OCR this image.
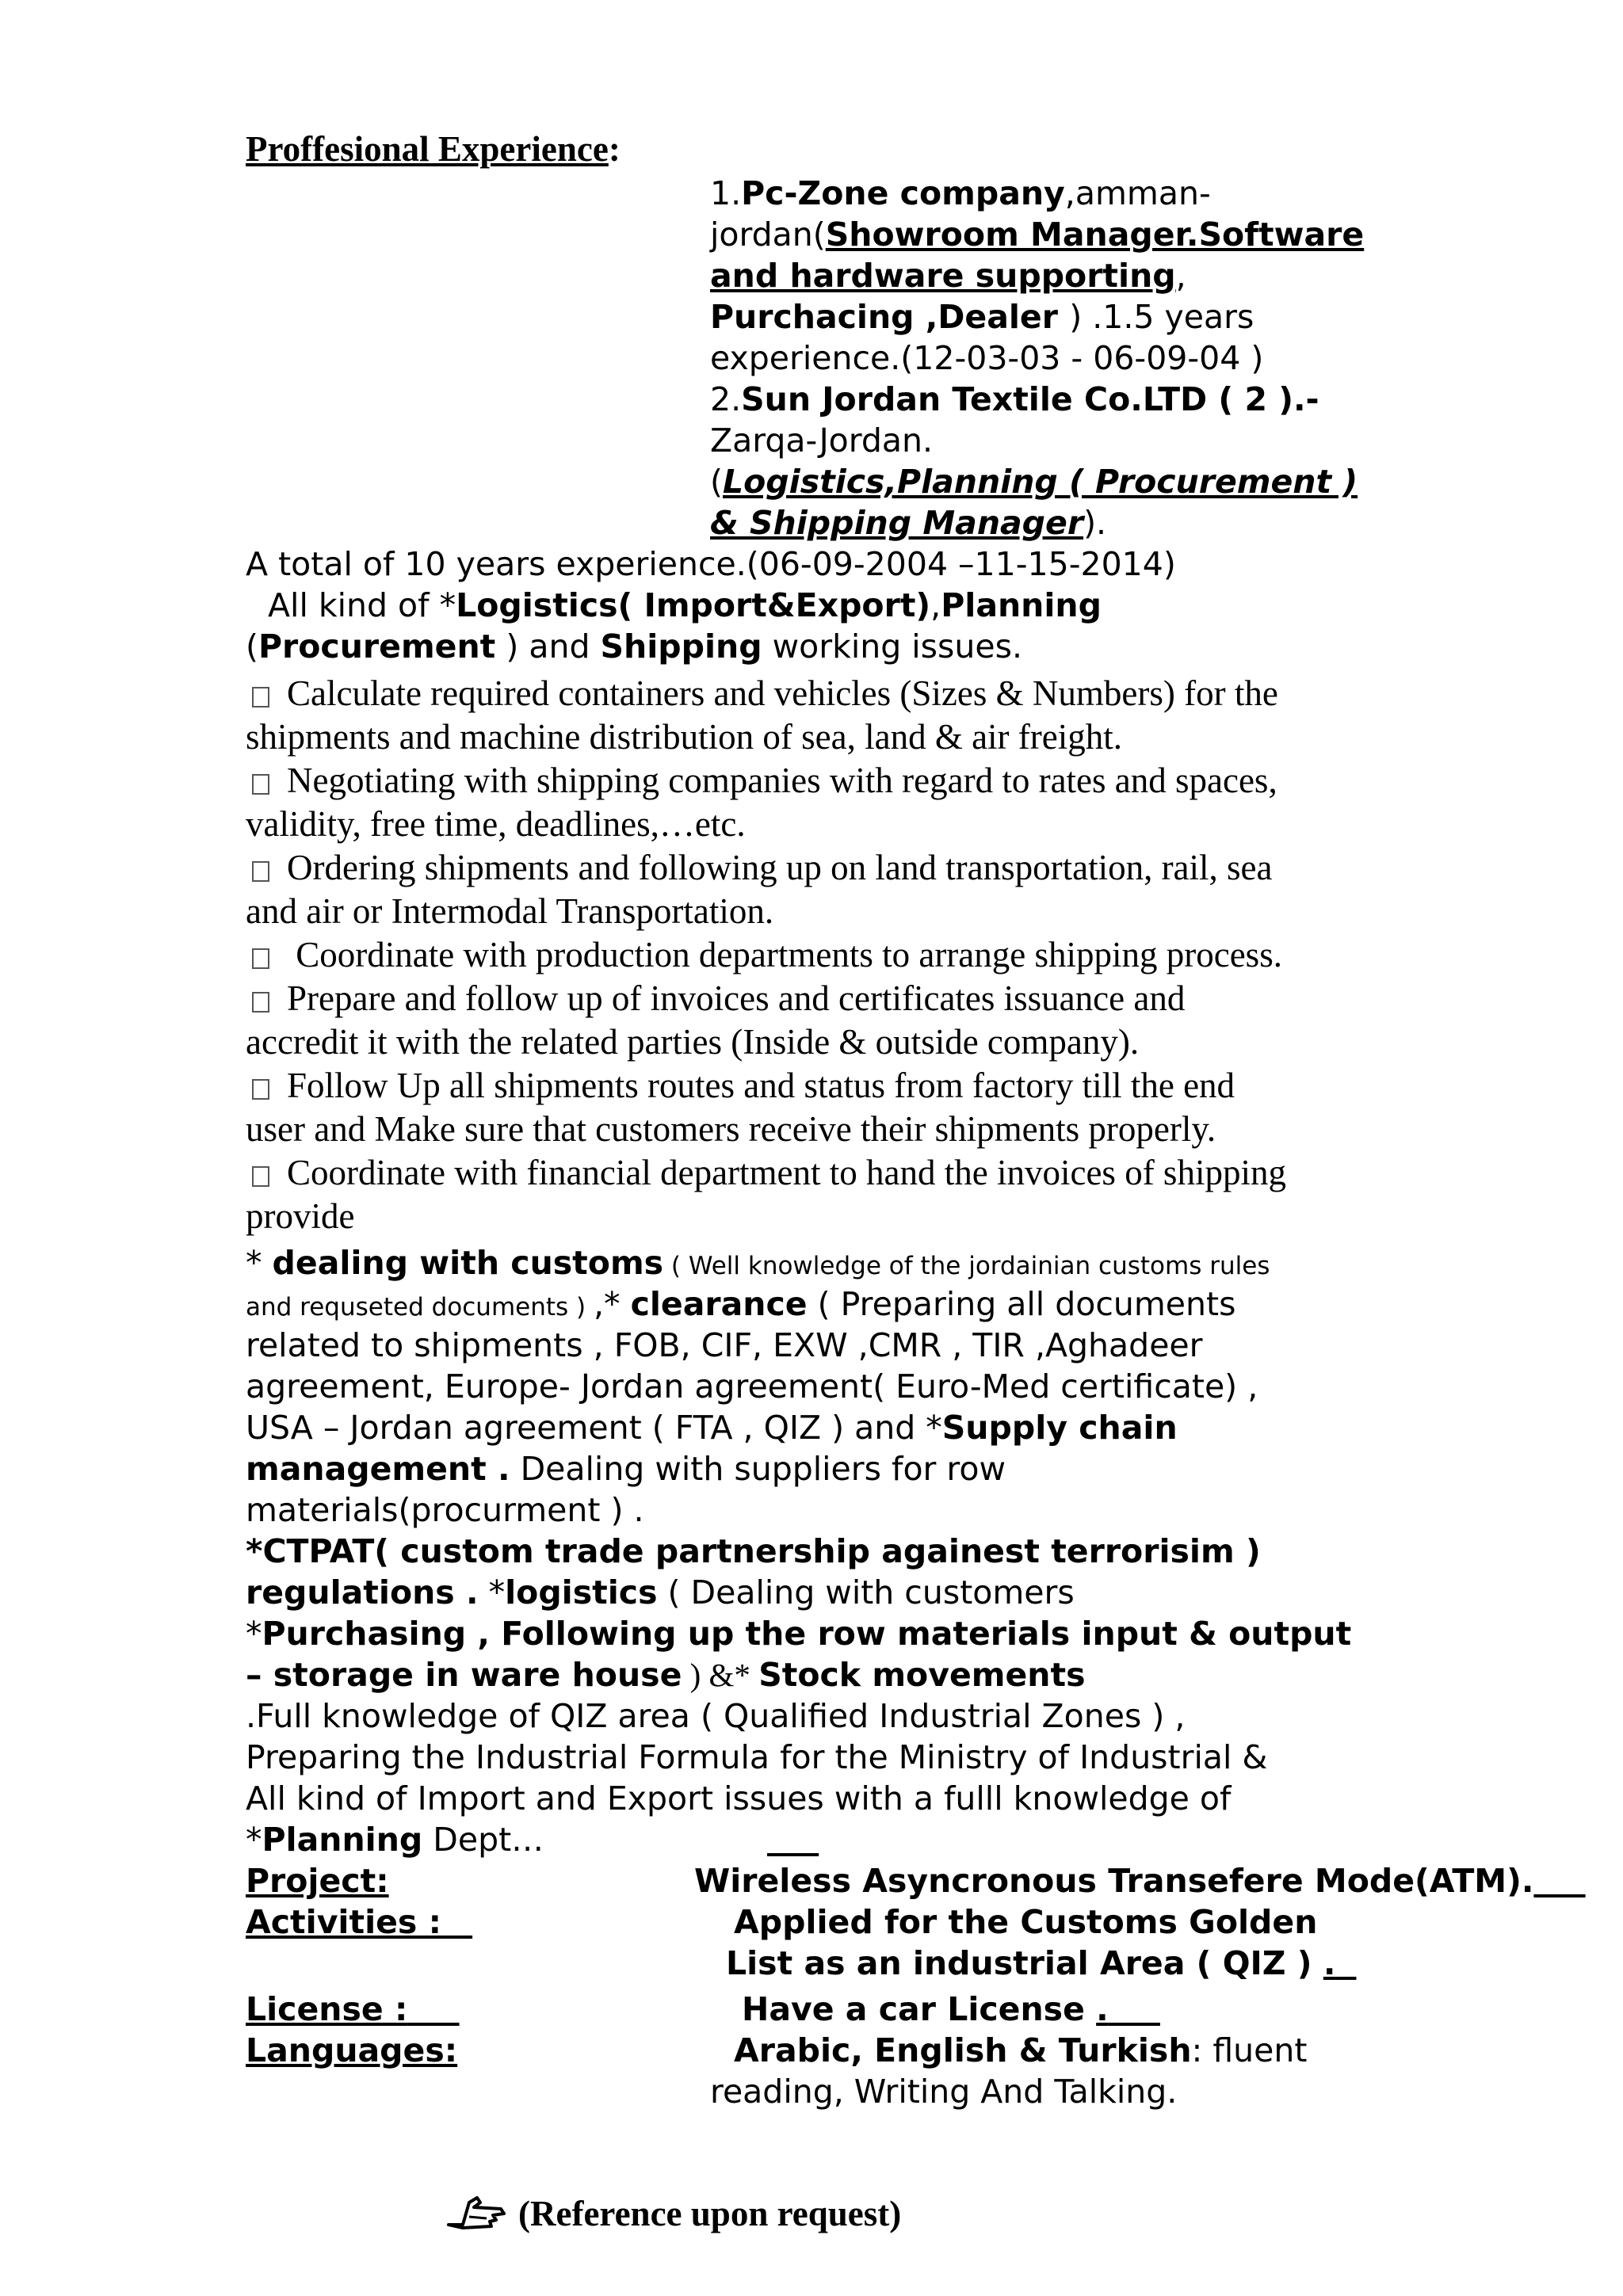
Proffesional Experience:
1.Pc-Zone company,amman-
jordan(Showroom Manager.Software
and hardware supporting,
Purchacing ,Dealer ) .1.5 years
experience.(12-03-03 - 06-09-04 )
2.Sun Jordan Textile Co.LTD ( 2 ).-
Zarqa-Jordan.
(Logistics,Planning ( Procurement )
& Shipping Manager).
A total of 10 years experience.(06-09-2004 –11-15-2014)
All kind of *Logistics( Import&Export),Planning
(Procurement ) and Shipping working issues.
Calculate required containers and vehicles (Sizes & Numbers) for the
shipments and machine distribution of sea, land & air freight.
Negotiating with shipping companies with regard to rates and spaces,
validity, free time, deadlines,…etc.
Ordering shipments and following up on land transportation, rail, sea
and air or Intermodal Transportation.
Coordinate with production departments to arrange shipping process.
Prepare and follow up of invoices and certificates issuance and
accredit it with the related parties (Inside & outside company).
Follow Up all shipments routes and status from factory till the end
user and Make sure that customers receive their shipments properly.
Coordinate with financial department to hand the invoices of shipping
provide
* dealing with customs ( Well knowledge of the jordainian customs rules
and requseted documents ) ,* clearance ( Preparing all documents
related to shipments , FOB, CIF, EXW ,CMR , TIR ,Aghadeer
agreement, Europe- Jordan agreement( Euro-Med certificate) ,
USA – Jordan agreement ( FTA , QIZ ) and *Supply chain
management . Dealing with suppliers for row
materials(procurment ) .
*CTPAT( custom trade partnership againest terrorisim )
regulations . *logistics ( Dealing with customers
*Purchasing , Following up the row materials input & output
– storage in ware house ) &* Stock movements
.Full knowledge of QIZ area ( Qualified Industrial Zones ) ,
Preparing the Industrial Formula for the Ministry of Industrial &
All kind of Import and Export issues with a fulll knowledge of
*Planning Dept…

Project:	Wireless Asyncronous Transefere Mode(ATM).
Activities :	Applied for the Customs Golden
List as an industrial Area ( QIZ ) .
License :	Have a car License .
Languages:	Arabic, English & Turkish: fluent
reading, Writing And Talking.
(Reference upon request)
